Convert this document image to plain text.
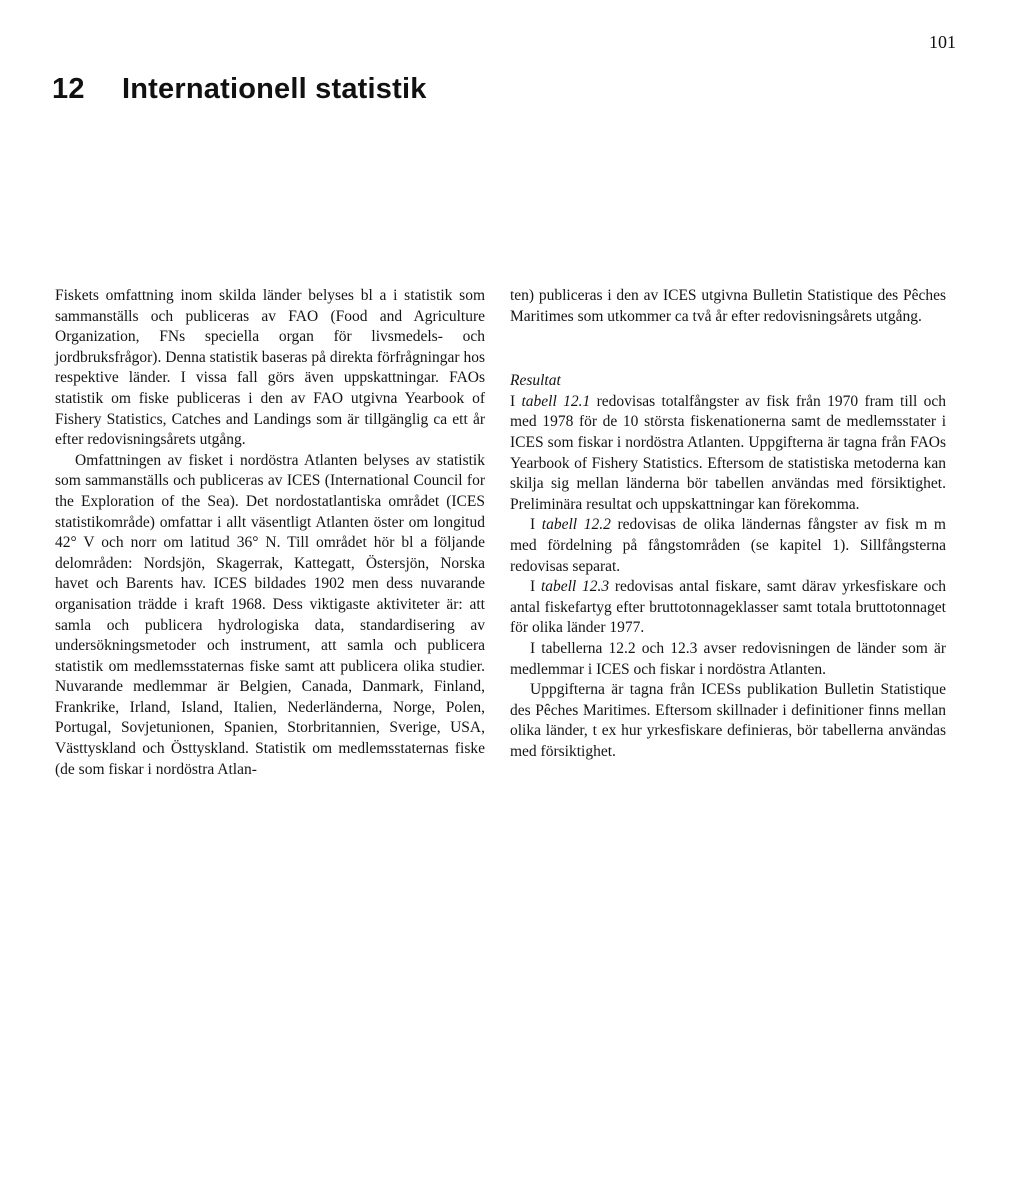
101
12 Internationell statistik

Fiskets omfattning inom skilda länder belyses bl a i statistik som sammanställs och publiceras av FAO (Food and Agriculture Organization, FNs speciella organ för livsmedels- och jordbruksfrågor). Denna statistik baseras på direkta förfrågningar hos respektive länder. I vissa fall görs även uppskattningar. FAOs statistik om fiske publiceras i den av FAO utgivna Yearbook of Fishery Statistics, Catches and Landings som är tillgänglig ca ett år efter redovisningsårets utgång.

Omfattningen av fisket i nordöstra Atlanten belyses av statistik som sammanställs och publiceras av ICES (International Council for the Exploration of the Sea). Det nordostatlantiska området (ICES statistikområde) omfattar i allt väsentligt Atlanten öster om longitud 42° V och norr om latitud 36° N. Till området hör bl a följande delområden: Nordsjön, Skagerrak, Kattegatt, Östersjön, Norska havet och Barents hav. ICES bildades 1902 men dess nuvarande organisation trädde i kraft 1968. Dess viktigaste aktiviteter är: att samla och publicera hydrologiska data, standardisering av undersökningsmetoder och instrument, att samla och publicera statistik om medlemsstaternas fiske samt att publicera olika studier. Nuvarande medlemmar är Belgien, Canada, Danmark, Finland, Frankrike, Irland, Island, Italien, Nederländerna, Norge, Polen, Portugal, Sovjetunionen, Spanien, Storbritannien, Sverige, USA, Västtyskland och Östtyskland. Statistik om medlemsstaternas fiske (de som fiskar i nordöstra Atlan-

ten) publiceras i den av ICES utgivna Bulletin Statistique des Pêches Maritimes som utkommer ca två år efter redovisningsårets utgång.

Resultat

I tabell 12.1 redovisas totalfångster av fisk från 1970 fram till och med 1978 för de 10 största fiskenationerna samt de medlemsstater i ICES som fiskar i nordöstra Atlanten. Uppgifterna är tagna från FAOs Yearbook of Fishery Statistics. Eftersom de statistiska metoderna kan skilja sig mellan länderna bör tabellen användas med försiktighet. Preliminära resultat och uppskattningar kan förekomma.

I tabell 12.2 redovisas de olika ländernas fångster av fisk m m med fördelning på fångstområden (se kapitel 1). Sillfångsterna redovisas separat.

I tabell 12.3 redovisas antal fiskare, samt därav yrkesfiskare och antal fiskefartyg efter bruttotonnageklasser samt totala bruttotonnaget för olika länder 1977.

I tabellerna 12.2 och 12.3 avser redovisningen de länder som är medlemmar i ICES och fiskar i nordöstra Atlanten.

Uppgifterna är tagna från ICESs publikation Bulletin Statistique des Pêches Maritimes. Eftersom skillnader i definitioner finns mellan olika länder, t ex hur yrkesfiskare definieras, bör tabellerna användas med försiktighet.
